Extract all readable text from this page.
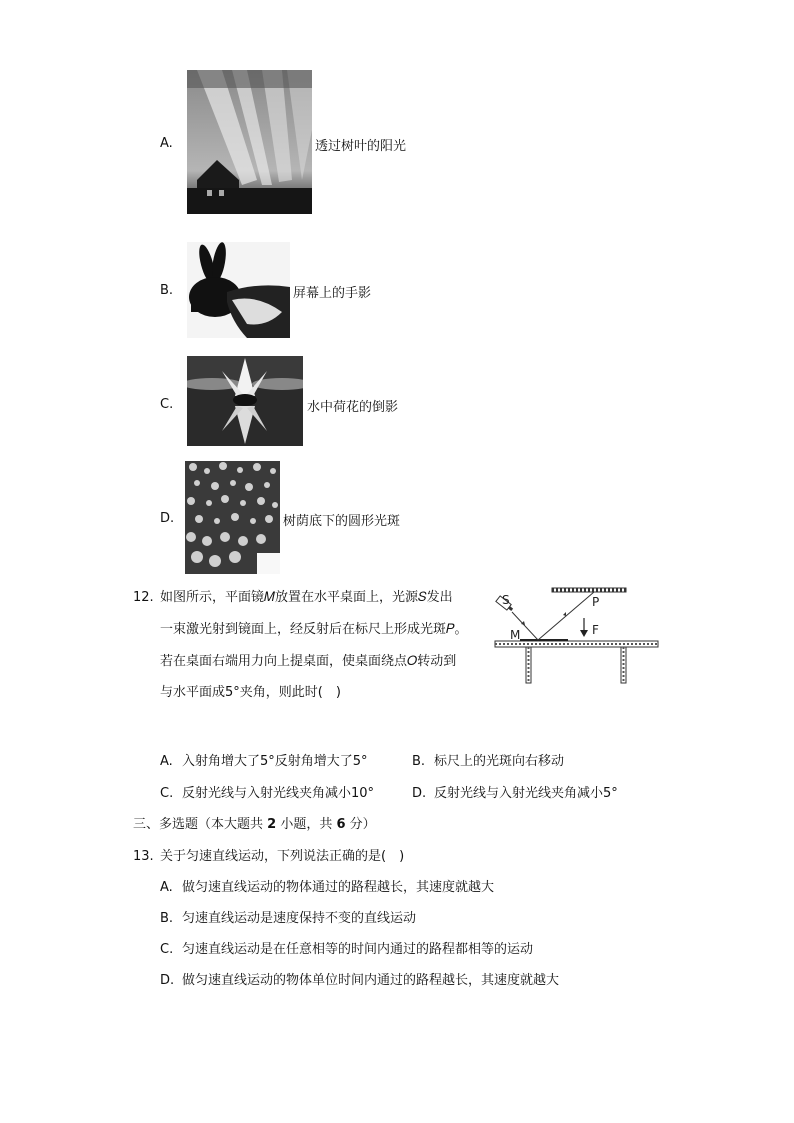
A.	透过树叶的阳光
B.	屏幕上的手影
C.	水中荷花的倒影
D.	树荫底下的圆形光斑
12. 如图所示，平面镜𝑀放置在水平桌面上，光源𝑆发出
一束激光射到镜面上，经反射后在标尺上形成光斑𝑃。
若在桌面右端用力向上提桌面，使桌面绕点𝑂转动到
与水平面成5°夹角，则此时(　)
S	P
M	F
A. 入射角增大了5°反射角增大了5°	B. 标尺上的光斑向右移动
C. 反射光线与入射光线夹角减小10°	D. 反射光线与入射光线夹角减小5°
三、多选题（本大题共 2 小题，共 6 分）
13. 关于匀速直线运动，下列说法正确的是(　)
A. 做匀速直线运动的物体通过的路程越长，其速度就越大
B. 匀速直线运动是速度保持不变的直线运动
C. 匀速直线运动是在任意相等的时间内通过的路程都相等的运动
D. 做匀速直线运动的物体单位时间内通过的路程越长，其速度就越大
